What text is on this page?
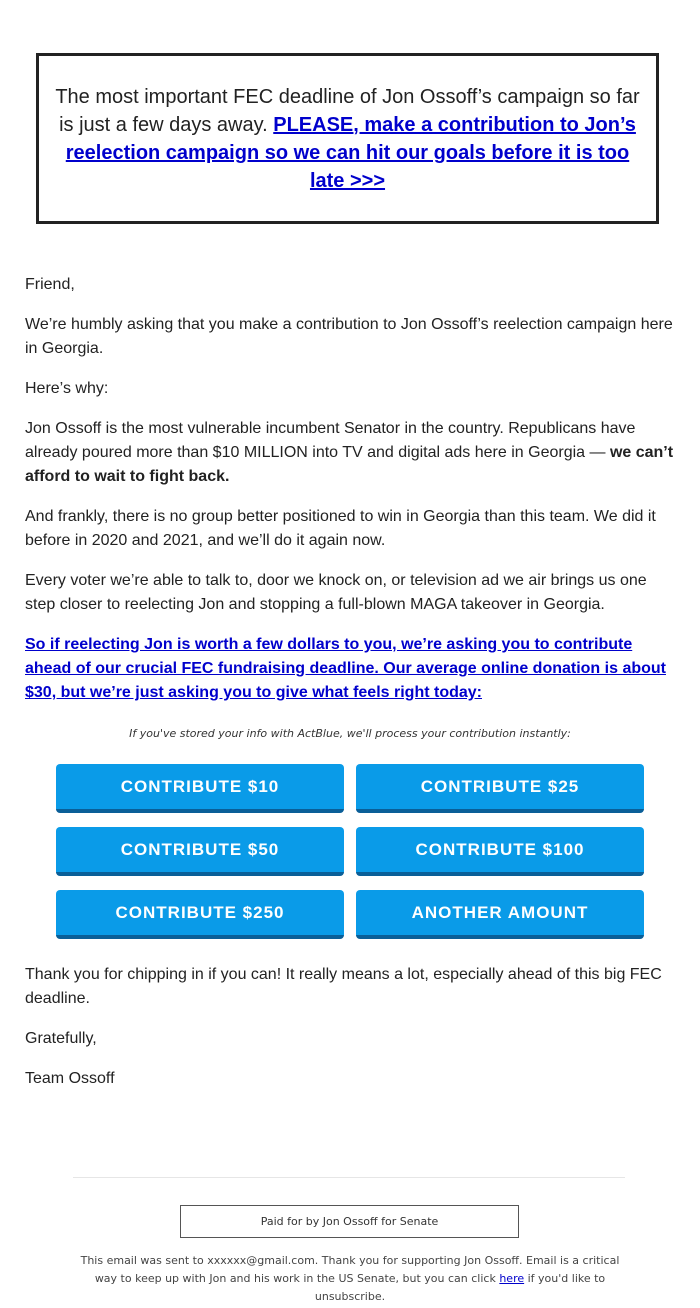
The most important FEC deadline of Jon Ossoff’s campaign so far is just a few days away. PLEASE, make a contribution to Jon’s reelection campaign so we can hit our goals before it is too late >>>

Friend,

We’re humbly asking that you make a contribution to Jon Ossoff’s reelection campaign here in Georgia.

Here’s why:

Jon Ossoff is the most vulnerable incumbent Senator in the country. Republicans have already poured more than $10 MILLION into TV and digital ads here in Georgia — we can’t afford to wait to fight back.

And frankly, there is no group better positioned to win in Georgia than this team. We did it before in 2020 and 2021, and we’ll do it again now.

Every voter we’re able to talk to, door we knock on, or television ad we air brings us one step closer to reelecting Jon and stopping a full-blown MAGA takeover in Georgia.

So if reelecting Jon is worth a few dollars to you, we’re asking you to contribute ahead of our crucial FEC fundraising deadline. Our average online donation is about $30, but we’re just asking you to give what feels right today:

If you've stored your info with ActBlue, we'll process your contribution instantly:
CONTRIBUTE $10	CONTRIBUTE $25
CONTRIBUTE $50	CONTRIBUTE $100
CONTRIBUTE $250	ANOTHER AMOUNT

Thank you for chipping in if you can! It really means a lot, especially ahead of this big FEC deadline.

Gratefully,

Team Ossoff

Paid for by Jon Ossoff for Senate
This email was sent to xxxxxx@gmail.com. Thank you for supporting Jon Ossoff. Email is a critical way to keep up with Jon and his work in the US Senate, but you can click here if you'd like to unsubscribe.
